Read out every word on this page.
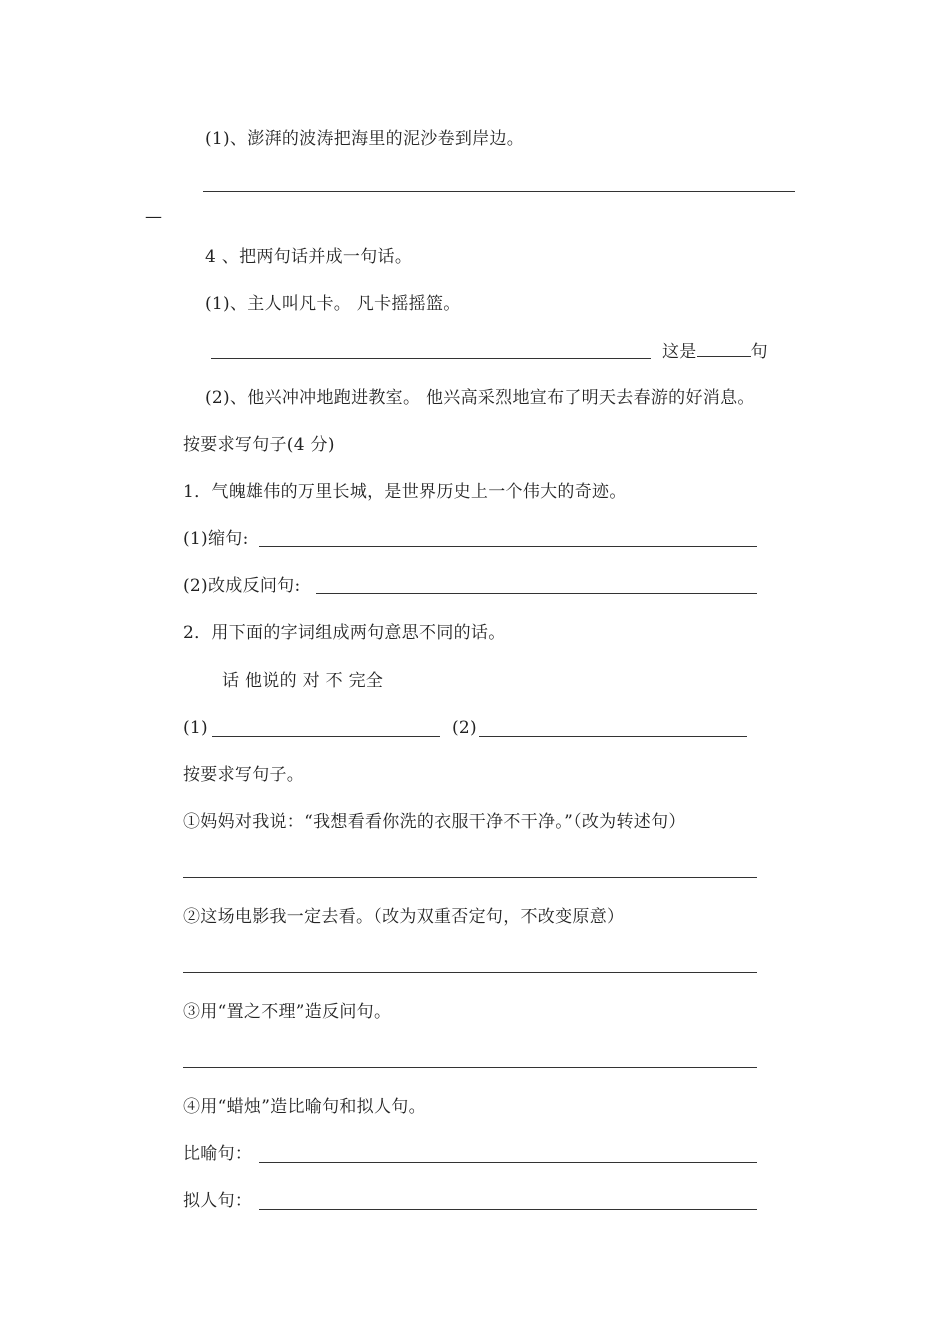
(1)、澎湃的波涛把海里的泥沙卷到岸边。
—
4 、把两句话并成一句话。
(1)、主人叫凡卡。 凡卡摇摇篮。
这是	句
(2)、他兴冲冲地跑进教室。 他兴高采烈地宣布了明天去春游的好消息。
按要求写句子(4 分)
1．气魄雄伟的万里长城，是世界历史上一个伟大的奇迹。
(1)缩句:
(2)改成反问句:
2．用下面的字词组成两句意思不同的话。
话 他说的 对 不 完全
(1)	(2)
按要求写句子。
①妈妈对我说：“我想看看你洗的衣服干净不干净。”（改为转述句）
②这场电影我一定去看。（改为双重否定句，不改变原意）
③用“置之不理”造反问句。
④用“蜡烛”造比喻句和拟人句。
比喻句：
拟人句：
